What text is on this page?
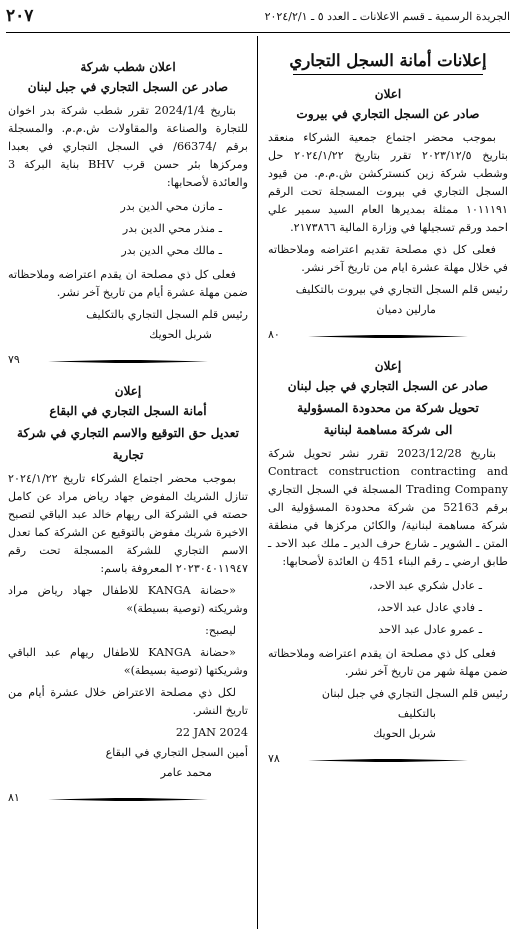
الجريدة الرسمية ـ قسم الاعلانات ـ العدد ٥ ـ ٢٠٢٤/٢/١
٢٠٧
إعلانات أمانة السجل التجاري
اعلان
صادر عن السجل التجاري في بيروت

بموجب محضر اجتماع جمعية الشركاء منعقد بتاريخ ٢٠٢٣/١٢/٥ تقرر بتاريخ ٢٠٢٤/١/٢٢ حل وشطب شركة زين كنستركشن ش.م.م. من قيود السجل التجاري في بيروت المسجلة تحت الرقم ١٠١١١٩١ ممثلة بمديرها العام السيد سمير علي احمد ورقم تسجيلها في وزارة المالية ٢١٧٣٨٦٦.

فعلى كل ذي مصلحة تقديم اعتراضه وملاحظاته في خلال مهلة عشرة ايام من تاريخ آخر نشر.

رئيس قلم السجل التجاري في بيروت بالتكليف

مارلين دميان

٨٠
إعلان
صادر عن السجل التجاري في جبل لبنان
تحويل شركة من محدودة المسؤولية
الى شركة مساهمة لبنانية

بتاريخ 2023/12/28 تقرر نشر تحويل شركة Contract construction contracting and Trading Company المسجلة في السجل التجاري برقم 52163 من شركة محدودة المسؤولية الى شركة مساهمة لبنانية/ والكائن مركزها في منطقة المتن ـ الشوير ـ شارع حرف الدير ـ ملك عبد الاحد ـ طابق ارضي ـ رقم البناء 451 ن العائدة لأصحابها:

ـ عادل شكري عبد الاحد،

ـ فادي عادل عبد الاحد،

ـ عمرو عادل عبد الاحد

فعلى كل ذي مصلحة ان يقدم اعتراضه وملاحظاته ضمن مهلة شهر من تاريخ آخر نشر.

رئيس قلم السجل التجاري في جبل لبنان

بالتكليف

شربل الحويك

٧٨
اعلان شطب شركة
صادر عن السجل التجاري في جبل لبنان

بتاريخ 2024/1/4 تقرر شطب شركة بدر اخوان للتجارة والصناعة والمقاولات ش.م.م. والمسجلة برقم /66374/ في السجل التجاري في بعبدا ومركزها بئر حسن قرب BHV بناية البركة 3 والعائدة لأصحابها:

ـ مازن محي الدين بدر

ـ منذر محي الدين بدر

ـ مالك محي الدين بدر

فعلى كل ذي مصلحة ان يقدم اعتراضه وملاحظاته ضمن مهلة عشرة أيام من تاريخ آخر نشر.

رئيس قلم السجل التجاري بالتكليف

شربل الحويك

٧٩
إعلان
أمانة السجل التجاري في البقاع
تعديل حق التوقيع والاسم التجاري في شركة تجارية

بموجب محضر اجتماع الشركاء تاريخ ٢٠٢٤/١/٢٢ تنازل الشريك المفوض جهاد رياض مراد عن كامل حصته في الشركة الى ريهام خالد عبد الباقي لتصبح الاخيرة شريك مفوض بالتوقيع عن الشركة كما تعدل الاسم التجاري للشركة المسجلة تحت رقم ٢٠٢٣٠٤٠١١٩٤٧ المعروفة باسم:

«حضانة KANGA للاطفال جهاد رياض مراد وشريكته (توصية بسيطة)»

ليصبح:

«حضانة KANGA للاطفال ريهام عبد الباقي وشريكتها (توصية بسيطة)»

لكل ذي مصلحة الاعتراض خلال عشرة أيام من تاريخ النشر.

22 JAN 2024

أمين السجل التجاري في البقاع

محمد عامر

٨١
